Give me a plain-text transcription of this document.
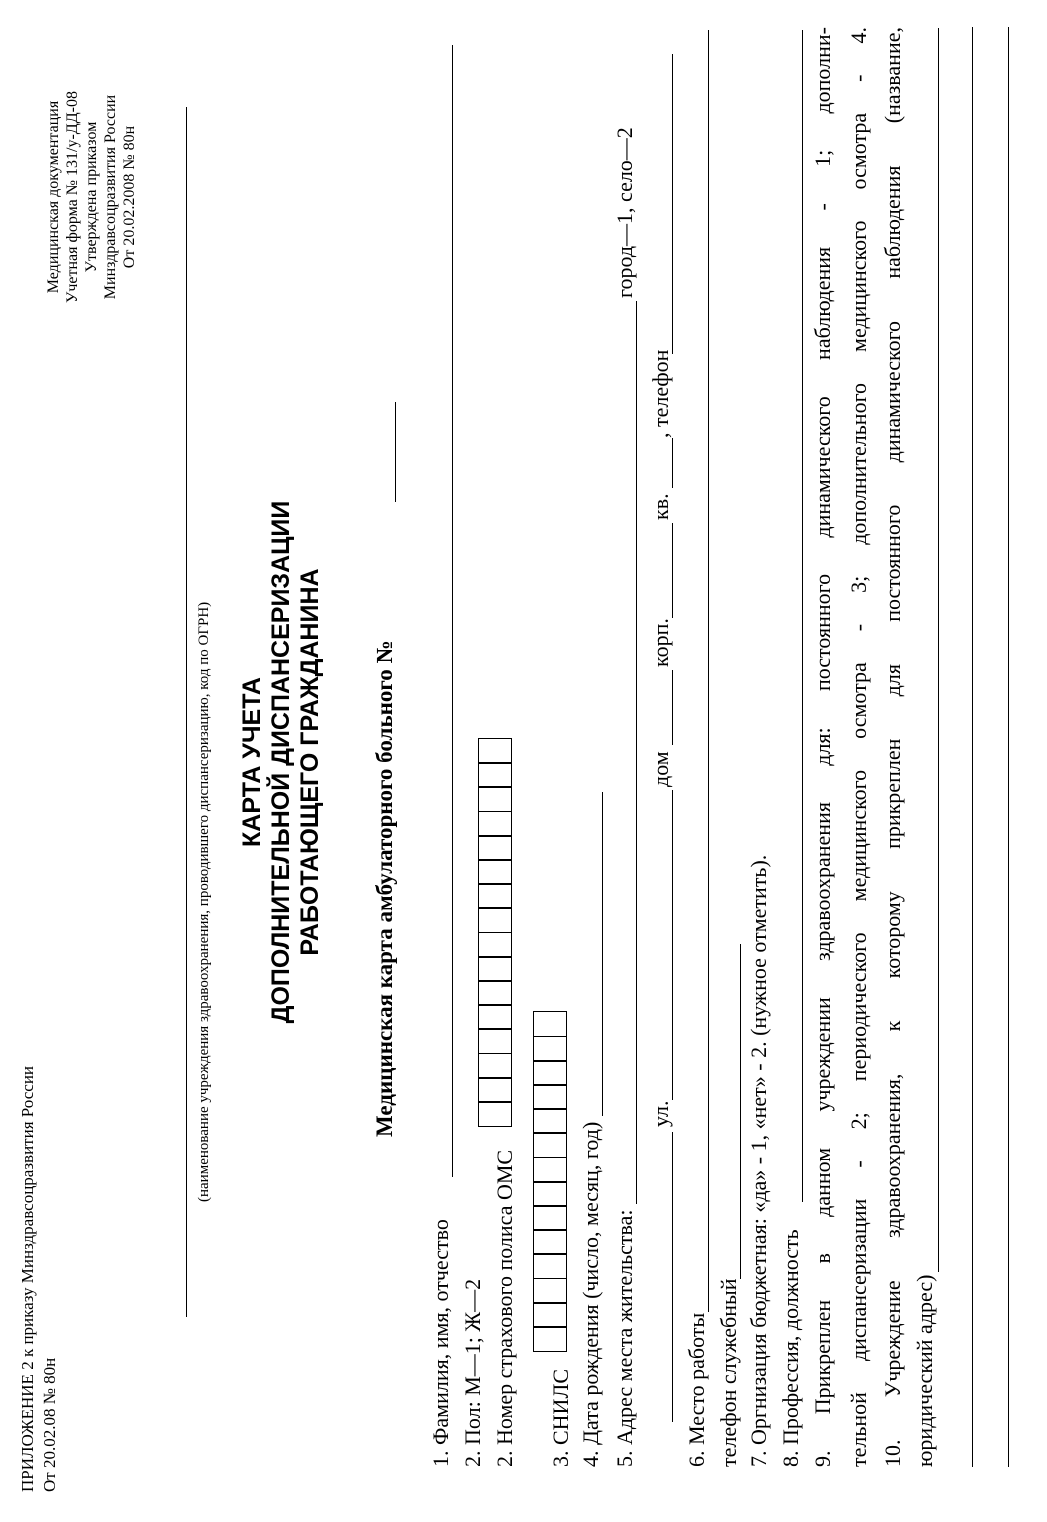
ПРИЛОЖЕНИЕ 2 к приказу Минздравсоцразвития России От 20.02.08 № 80н
Медицинская документация Учетная форма № 131/у-ДД-08 Утверждена приказом Минздравсоцразвития России От 20.02.2008 № 80н
(наименование учреждения здравоохранения, проводившего диспансеризацию, код по ОГРН) КАРТА УЧЕТА ДОПОЛНИТЕЛЬНОЙ ДИСПАНСЕРИЗАЦИИ РАБОТАЮЩЕГО ГРАЖДАНИНА Медицинская карта амбулаторного больного №
1. Фамилия, имя, отчество 2. Пол: М—1; Ж—2 2. Номер страхового полиса ОМС 3. СНИЛС 4. Дата рождения (число, месяц, год) 5. Адрес места жительства:
город—1, село—2
ул.
дом
корп.
кв.
, телефон
6. Место работы телефон служебный 7. Оргнизация бюджетная: «да» - 1, «нет» - 2. (нужное отметить). 8. Профессия, должность 9. Прикреплен в данном учреждении здравоохранения для: постоянного динамического наблюдения - 1; дополни- тельной диспансеризации - 2; периодического медицинского осмотра - 3; дополнительного медицинского осмотра - 4. 10. Учреждение здравоохранения, к которому прикреплен для постоянного динамического наблюдения (название, юридический адрес)
